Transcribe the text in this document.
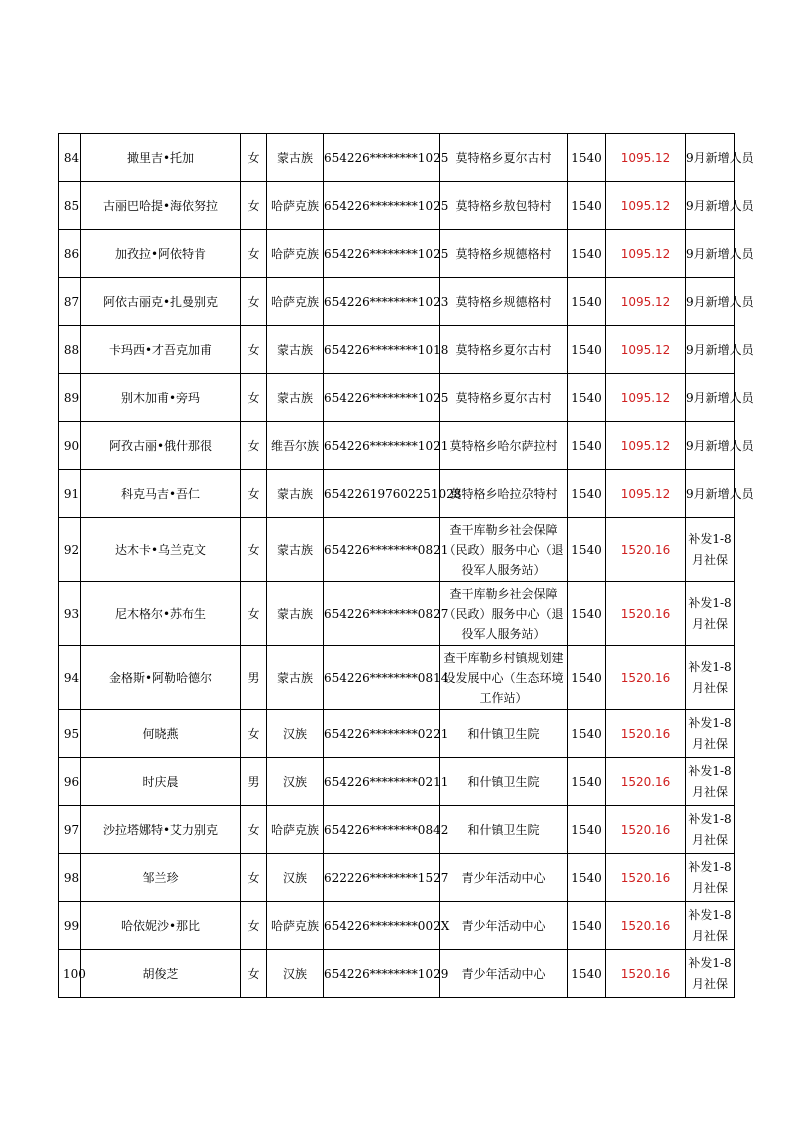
84	撖里吉•托加	女	蒙古族	654226********1025	莫特格乡夏尔古村	1540	1095.12	9月新增人员
85	古丽巴哈提•海依努拉	女	哈萨克族	654226********1025	莫特格乡敖包特村	1540	1095.12	9月新增人员
86	加孜拉•阿依特肯	女	哈萨克族	654226********1025	莫特格乡规德格村	1540	1095.12	9月新增人员
87	阿依古丽克•扎曼别克	女	哈萨克族	654226********1023	莫特格乡规德格村	1540	1095.12	9月新增人员
88	卡玛西•才吾克加甫	女	蒙古族	654226********1018	莫特格乡夏尔古村	1540	1095.12	9月新增人员
89	别木加甫•旁玛	女	蒙古族	654226********1025	莫特格乡夏尔古村	1540	1095.12	9月新增人员
90	阿孜古丽•俄什那很	女	维吾尔族	654226********1021	莫特格乡哈尔萨拉村	1540	1095.12	9月新增人员
91	科克马吉•吾仁	女	蒙古族	654226197602251028	莫特格乡哈拉尕特村	1540	1095.12	9月新增人员
92	达木卡•乌兰克文	女	蒙古族	654226********0821	查干库勒乡社会保障（民政）服务中心（退役军人服务站）	1540	1520.16	补发1-8月社保
93	尼木格尔•苏布生	女	蒙古族	654226********0827	查干库勒乡社会保障（民政）服务中心（退役军人服务站）	1540	1520.16	补发1-8月社保
94	金格斯•阿勒哈德尔	男	蒙古族	654226********0814	查干库勒乡村镇规划建设发展中心（生态环境工作站）	1540	1520.16	补发1-8月社保
95	何晓燕	女	汉族	654226********0221	和什镇卫生院	1540	1520.16	补发1-8月社保
96	时庆晨	男	汉族	654226********0211	和什镇卫生院	1540	1520.16	补发1-8月社保
97	沙拉塔娜特•艾力别克	女	哈萨克族	654226********0842	和什镇卫生院	1540	1520.16	补发1-8月社保
98	邹兰珍	女	汉族	622226********1527	青少年活动中心	1540	1520.16	补发1-8月社保
99	哈依妮沙•那比	女	哈萨克族	654226********002X	青少年活动中心	1540	1520.16	补发1-8月社保
100	胡俊芝	女	汉族	654226********1029	青少年活动中心	1540	1520.16	补发1-8月社保
